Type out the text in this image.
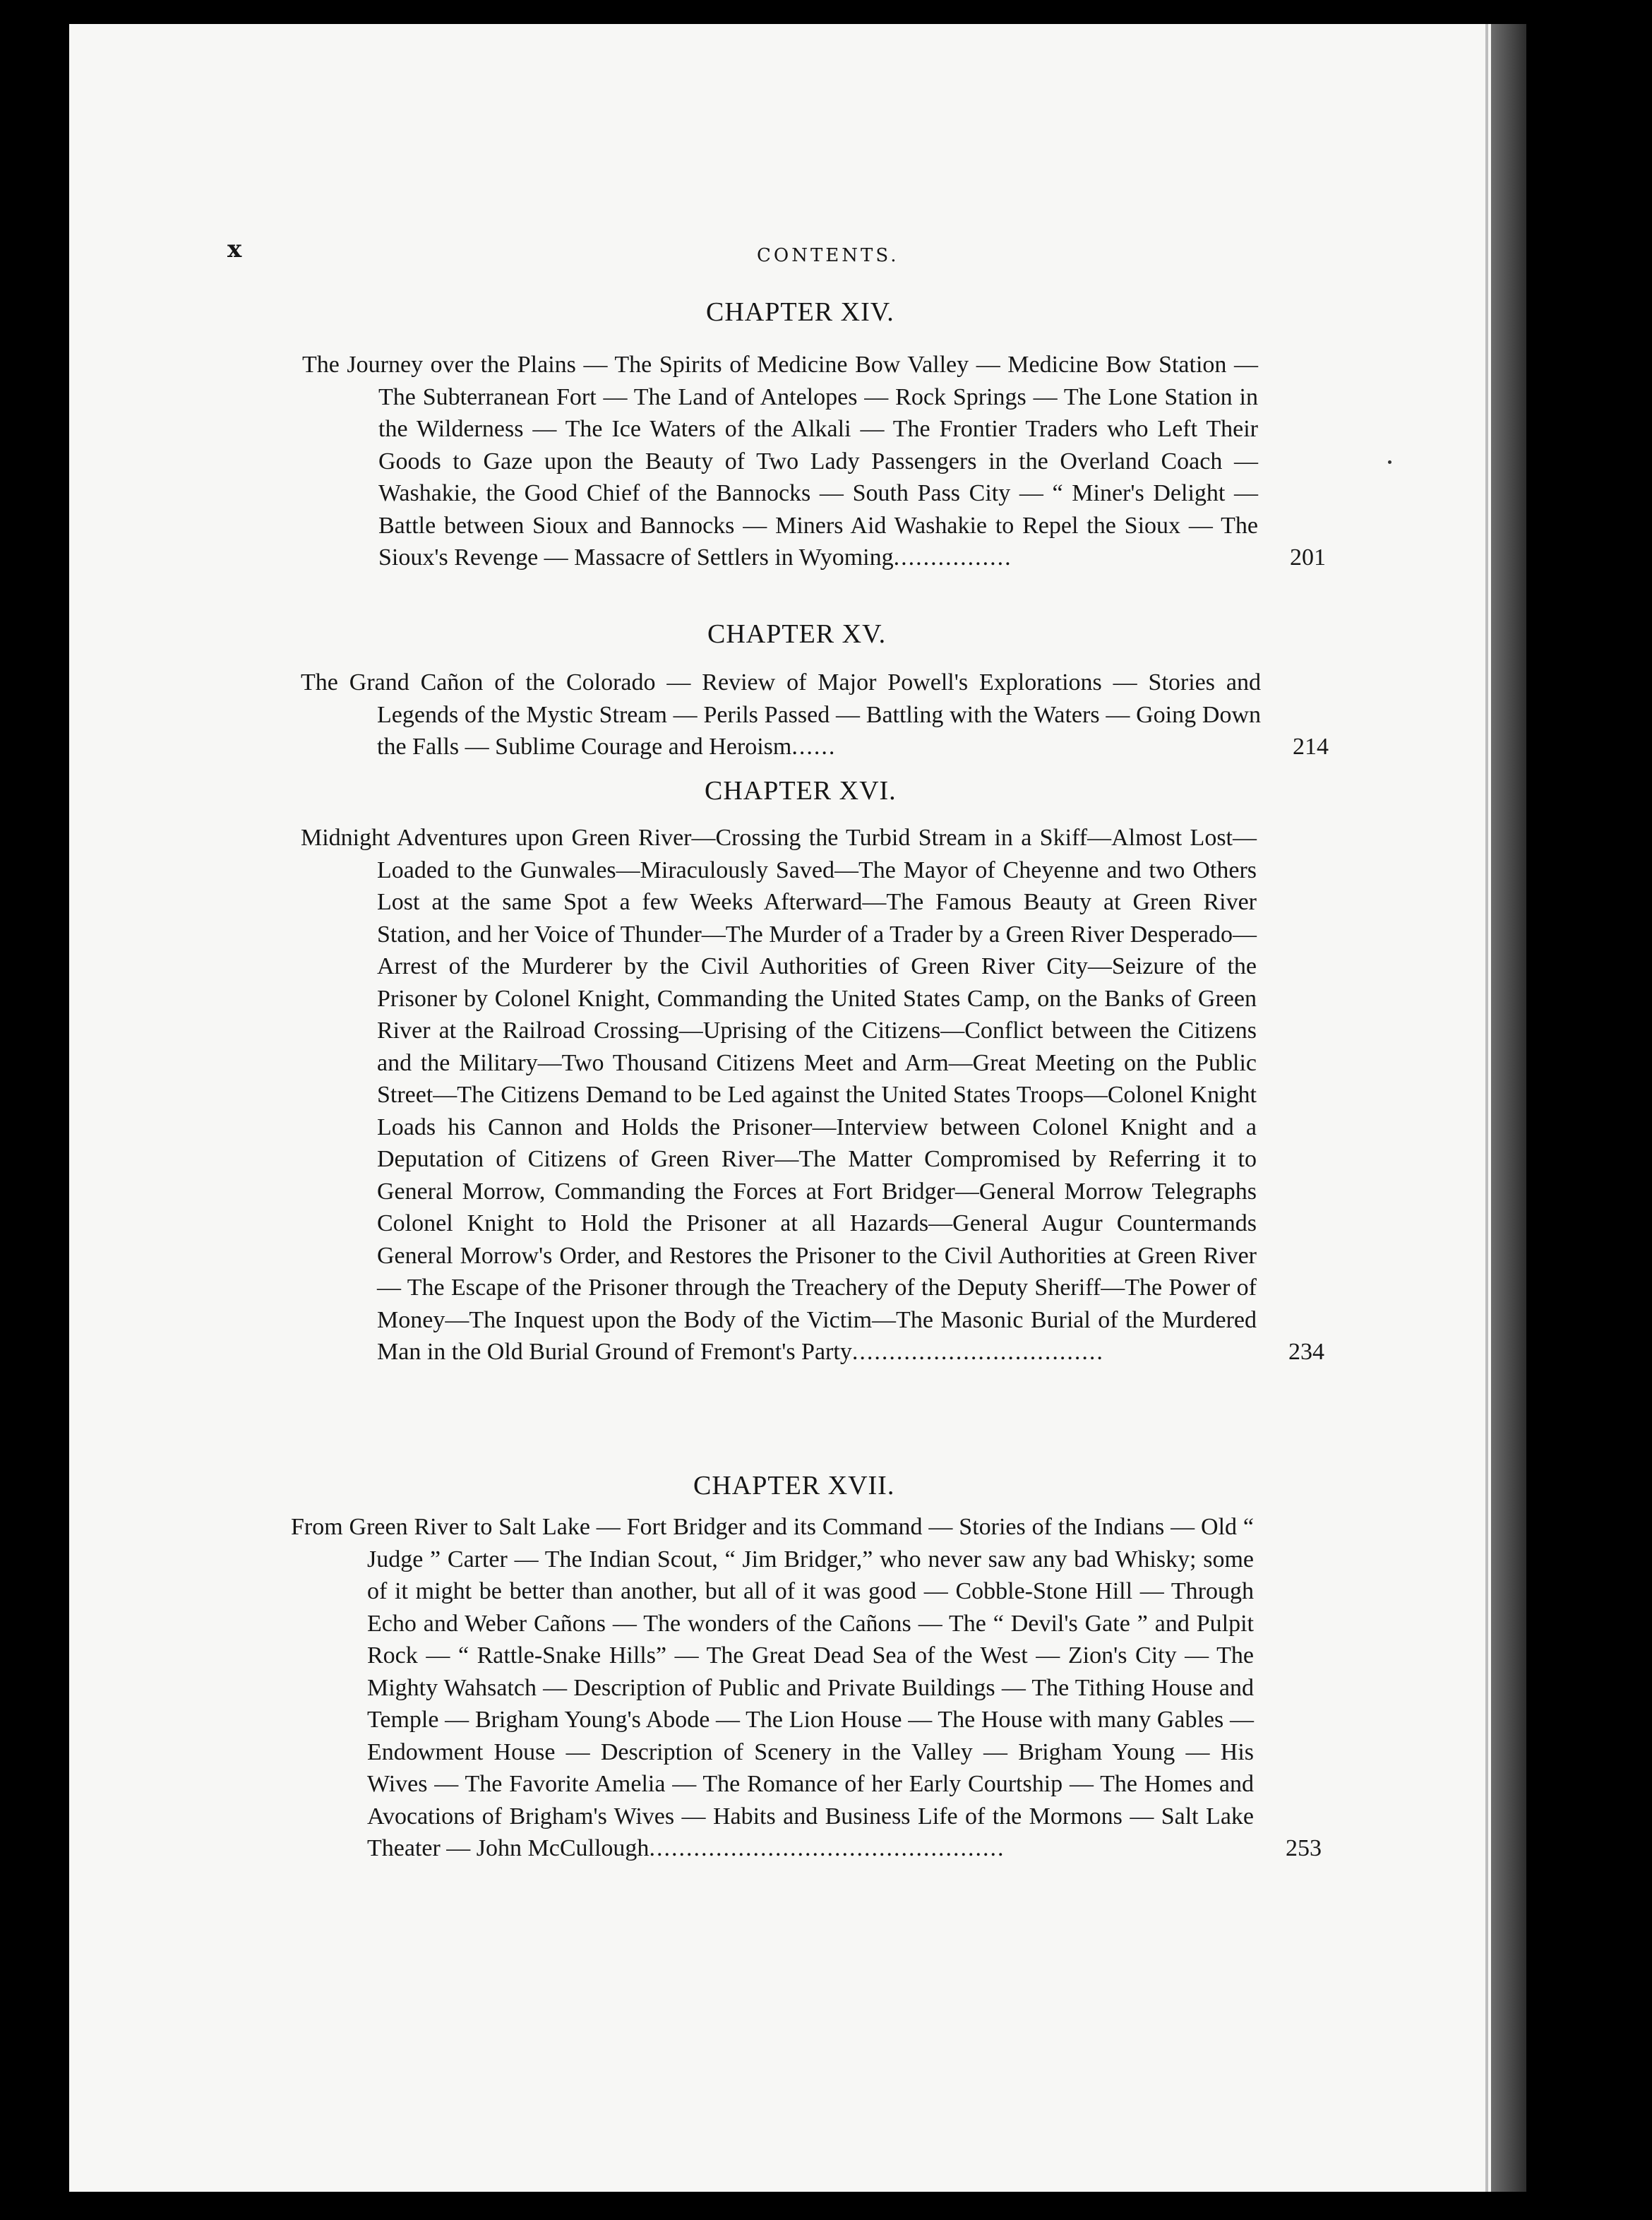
x	CONTENTS.
CHAPTER XIV.
The Journey over the Plains — The Spirits of Medicine Bow Valley — Medicine Bow Station — The Subterranean Fort — The Land of Antelopes — Rock Springs — The Lone Station in the Wilderness — The Ice Waters of the Alkali — The Frontier Traders who Left Their Goods to Gaze upon the Beauty of Two Lady Passengers in the Overland Coach — Washakie, the Good Chief of the Bannocks — South Pass City — “ Miner's Delight — Battle between Sioux and Bannocks — Miners Aid Washakie to Repel the Sioux — The Sioux's Revenge — Massacre of Settlers in Wyoming................	201
CHAPTER XV.
The Grand Cañon of the Colorado — Review of Major Powell's Explorations — Stories and Legends of the Mystic Stream — Perils Passed — Battling with the Waters — Going Down the Falls — Sublime Courage and Heroism......	214
CHAPTER XVI.
Midnight Adventures upon Green River—Crossing the Turbid Stream in a Skiff—Almost Lost—Loaded to the Gunwales—Miraculously Saved—The Mayor of Cheyenne and two Others Lost at the same Spot a few Weeks Afterward—The Famous Beauty at Green River Station, and her Voice of Thunder—The Murder of a Trader by a Green River Desperado—Arrest of the Murderer by the Civil Authorities of Green River City—Seizure of the Prisoner by Colonel Knight, Commanding the United States Camp, on the Banks of Green River at the Railroad Crossing—Uprising of the Citizens—Conflict between the Citizens and the Military—Two Thousand Citizens Meet and Arm—Great Meeting on the Public Street—The Citizens Demand to be Led against the United States Troops—Colonel Knight Loads his Cannon and Holds the Prisoner—Interview between Colonel Knight and a Deputation of Citizens of Green River—The Matter Compromised by Referring it to General Morrow, Commanding the Forces at Fort Bridger—General Morrow Telegraphs Colonel Knight to Hold the Prisoner at all Hazards—General Augur Countermands General Morrow's Order, and Restores the Prisoner to the Civil Authorities at Green River — The Escape of the Prisoner through the Treachery of the Deputy Sheriff—The Power of Money—The Inquest upon the Body of the Victim—The Masonic Burial of the Murdered Man in the Old Burial Ground of Fremont's Party..................................	234
CHAPTER XVII.
From Green River to Salt Lake — Fort Bridger and its Command — Stories of the Indians — Old “ Judge ” Carter — The Indian Scout, “ Jim Bridger,” who never saw any bad Whisky; some of it might be better than another, but all of it was good — Cobble-Stone Hill — Through Echo and Weber Cañons — The wonders of the Cañons — The “ Devil's Gate ” and Pulpit Rock — “ Rattle-Snake Hills” — The Great Dead Sea of the West — Zion's City — The Mighty Wahsatch — Description of Public and Private Buildings — The Tithing House and Temple — Brigham Young's Abode — The Lion House — The House with many Gables — Endowment House — Description of Scenery in the Valley — Brigham Young — His Wives — The Favorite Amelia — The Romance of her Early Courtship — The Homes and Avocations of Brigham's Wives — Habits and Business Life of the Mormons — Salt Lake Theater — John McCullough................................................	253
